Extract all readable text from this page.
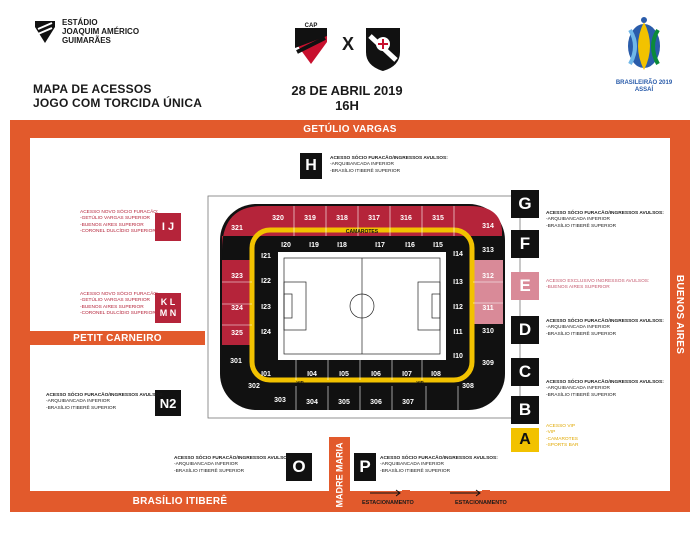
ESTÁDIO
JOAQUIM AMÉRICO
GUIMARÃES
MAPA DE ACESSOS
JOGO COM TORCIDA ÚNICA
CAP
X
28 DE ABRIL 2019
16H
BRASILEIRÃO 2019
ASSAÍ
GETÚLIO VARGAS
BUENOS AIRES
PETIT CARNEIRO
BRASÍLIO ITIBERÊ	MADRE MARIA
CAMAROTES
VIP	VIP
320	319	318	317	316	315
I20	I19	I18	I17	I16	I15
321
323
324
325
I21
I22
I23
I24
314
313
312
311
310
309
I14
I13
I12
I11
I10
I01	I04	I05	I06	I07	I08
301
302
303	304	305	306	307
308
G
F
E
D
C
B
A
H
I J
K L
M N
N2
O	P
ACESSO SÓCIO FURACÃO/INGRESSOS AVULSOS:
-ARQUIBANCADA INFERIOR
-BRASÍLIO ITIBERÊ SUPERIOR
ACESSO SÓCIO FURACÃO/INGRESSOS AVULSOS:
-ARQUIBANCADA INFERIOR
-BRASÍLIO ITIBERÊ SUPERIOR
ACESSO EXCLUSIVO INGRESSOS AVULSOS:
-BUENOS AIRES SUPERIOR
ACESSO SÓCIO FURACÃO/INGRESSOS AVULSOS:
-ARQUIBANCADA INFERIOR
-BRASÍLIO ITIBERÊ SUPERIOR
ACESSO SÓCIO FURACÃO/INGRESSOS AVULSOS:
-ARQUIBANCADA INFERIOR
-BRASÍLIO ITIBERÊ SUPERIOR
ACESSO VIP
-VIP
-CAMAROTES
-SPORTS BAR
ACESSO NOVO SÓCIO FURACÃO:
-GETÚLIO VARGAS SUPERIOR
-BUENOS AIRES SUPERIOR
-CORONEL DULCÍDIO SUPERIOR
ACESSO NOVO SÓCIO FURACÃO:
-GETÚLIO VARGAS SUPERIOR
-BUENOS AIRES SUPERIOR
-CORONEL DULCÍDIO SUPERIOR
ACESSO SÓCIO FURACÃO/INGRESSOS AVULSOS:
-ARQUIBANCADA INFERIOR
-BRASÍLIO ITIBERÊ SUPERIOR
ACESSO SÓCIO FURACÃO/INGRESSOS AVULSOS:
-ARQUIBANCADA INFERIOR
-BRASÍLIO ITIBERÊ SUPERIOR
ACESSO SÓCIO FURACÃO/INGRESSOS AVULSOS:
-ARQUIBANCADA INFERIOR
-BRASÍLIO ITIBERÊ SUPERIOR
ESTACIONAMENTO	ESTACIONAMENTO
